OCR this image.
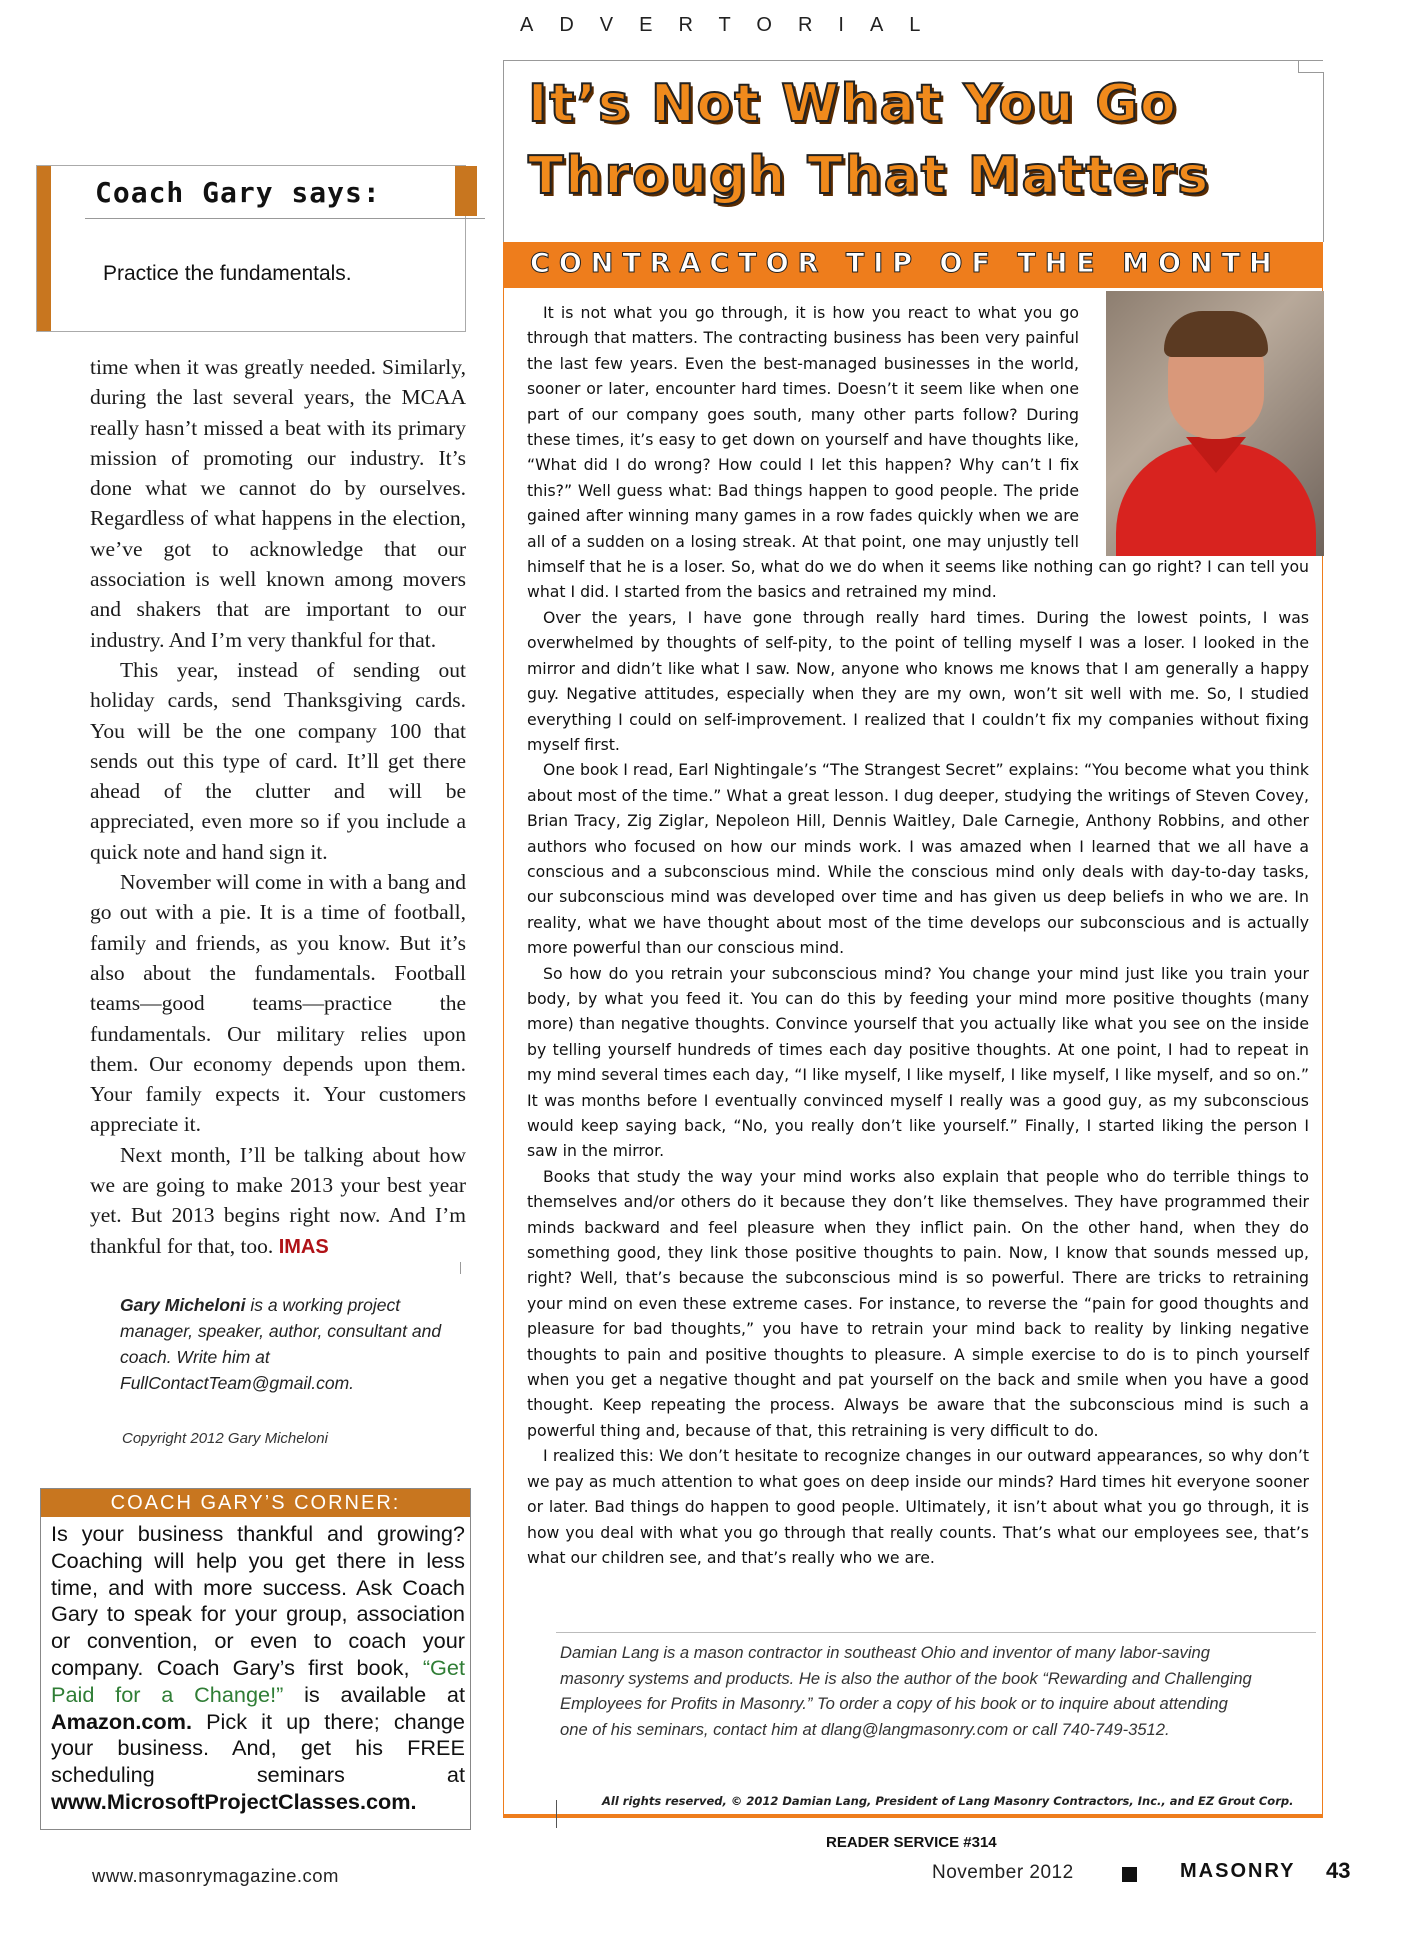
ADVERTORIAL
Coach Gary says:
Practice the fundamentals.

time when it was greatly needed. Similarly, during the last several years, the MCAA really hasn’t missed a beat with its primary mission of promoting our industry. It’s done what we cannot do by ourselves. Regardless of what happens in the election, we’ve got to acknowledge that our association is well known among movers and shakers that are important to our industry. And I’m very thankful for that.

This year, instead of sending out holiday cards, send Thanksgiving cards. You will be the one company 100 that sends out this type of card. It’ll get there ahead of the clutter and will be appreciated, even more so if you include a quick note and hand sign it.

November will come in with a bang and go out with a pie. It is a time of football, family and friends, as you know. But it’s also about the fundamentals. Football teams—good teams—practice the fundamentals. Our military relies upon them. Our economy depends upon them. Your family expects it. Your customers appreciate it.

Next month, I’ll be talking about how we are going to make 2013 your best year yet. But 2013 begins right now. And I’m thankful for that, too. IMAS

Gary Micheloni is a working project manager, speaker, author, consultant and coach. Write him at FullContactTeam@gmail.com.
Copyright 2012 Gary Micheloni
COACH GARY’S CORNER:
Is your business thankful and growing? Coaching will help you get there in less time, and with more success. Ask Coach Gary to speak for your group, association or convention, or even to coach your company. Coach Gary’s first book, “Get Paid for a Change!” is available at Amazon.com. Pick it up there; change your business. And, get his FREE scheduling seminars at www.MicrosoftProjectClasses.com.
It’s Not What You Go Through That Matters
CONTRACTOR TIP OF THE MONTH

It is not what you go through, it is how you react to what you go through that matters. The contracting business has been very painful the last few years. Even the best-managed businesses in the world, sooner or later, encounter hard times. Doesn’t it seem like when one part of our company goes south, many other parts follow? During these times, it’s easy to get down on yourself and have thoughts like, “What did I do wrong? How could I let this happen? Why can’t I fix this?” Well guess what: Bad things happen to good people. The pride gained after winning many games in a row fades quickly when we are all of a sudden on a losing streak. At that point, one may unjustly tell himself that he is a loser. So, what do we do when it seems like nothing can go right? I can tell you what I did. I started from the basics and retrained my mind.

Over the years, I have gone through really hard times. During the lowest points, I was overwhelmed by thoughts of self-pity, to the point of telling myself I was a loser. I looked in the mirror and didn’t like what I saw. Now, anyone who knows me knows that I am generally a happy guy. Negative attitudes, especially when they are my own, won’t sit well with me. So, I studied everything I could on self-improvement. I realized that I couldn’t fix my companies without fixing myself first.

One book I read, Earl Nightingale’s “The Strangest Secret” explains: “You become what you think about most of the time.” What a great lesson. I dug deeper, studying the writings of Steven Covey, Brian Tracy, Zig Ziglar, Nepoleon Hill, Dennis Waitley, Dale Carnegie, Anthony Robbins, and other authors who focused on how our minds work. I was amazed when I learned that we all have a conscious and a subconscious mind. While the conscious mind only deals with day-to-day tasks, our subconscious mind was developed over time and has given us deep beliefs in who we are. In reality, what we have thought about most of the time develops our subconscious and is actually more powerful than our conscious mind.

So how do you retrain your subconscious mind? You change your mind just like you train your body, by what you feed it. You can do this by feeding your mind more positive thoughts (many more) than negative thoughts. Convince yourself that you actually like what you see on the inside by telling yourself hundreds of times each day positive thoughts. At one point, I had to repeat in my mind several times each day, “I like myself, I like myself, I like myself, I like myself, and so on.” It was months before I eventually convinced myself I really was a good guy, as my subconscious would keep saying back, “No, you really don’t like yourself.” Finally, I started liking the person I saw in the mirror.

Books that study the way your mind works also explain that people who do terrible things to themselves and/or others do it because they don’t like themselves. They have programmed their minds backward and feel pleasure when they inflict pain. On the other hand, when they do something good, they link those positive thoughts to pain. Now, I know that sounds messed up, right? Well, that’s because the subconscious mind is so powerful. There are tricks to retraining your mind on even these extreme cases. For instance, to reverse the “pain for good thoughts and pleasure for bad thoughts,” you have to retrain your mind back to reality by linking negative thoughts to pain and positive thoughts to pleasure. A simple exercise to do is to pinch yourself when you get a negative thought and pat yourself on the back and smile when you have a good thought. Keep repeating the process. Always be aware that the subconscious mind is such a powerful thing and, because of that, this retraining is very difficult to do.

I realized this: We don’t hesitate to recognize changes in our outward appearances, so why don’t we pay as much attention to what goes on deep inside our minds? Hard times hit everyone sooner or later. Bad things do happen to good people. Ultimately, it isn’t about what you go through, it is how you deal with what you go through that really counts. That’s what our employees see, that’s what our children see, and that’s really who we are.

Damian Lang is a mason contractor in southeast Ohio and inventor of many labor-saving masonry systems and products. He is also the author of the book “Rewarding and Challenging Employees for Profits in Masonry.” To order a copy of his book or to inquire about attending one of his seminars, contact him at dlang@langmasonry.com or call 740-749-3512.
All rights reserved, © 2012 Damian Lang, President of Lang Masonry Contractors, Inc., and EZ Grout Corp.
READER SERVICE #314
www.masonrymagazine.com	November 2012	MASONRY 43
